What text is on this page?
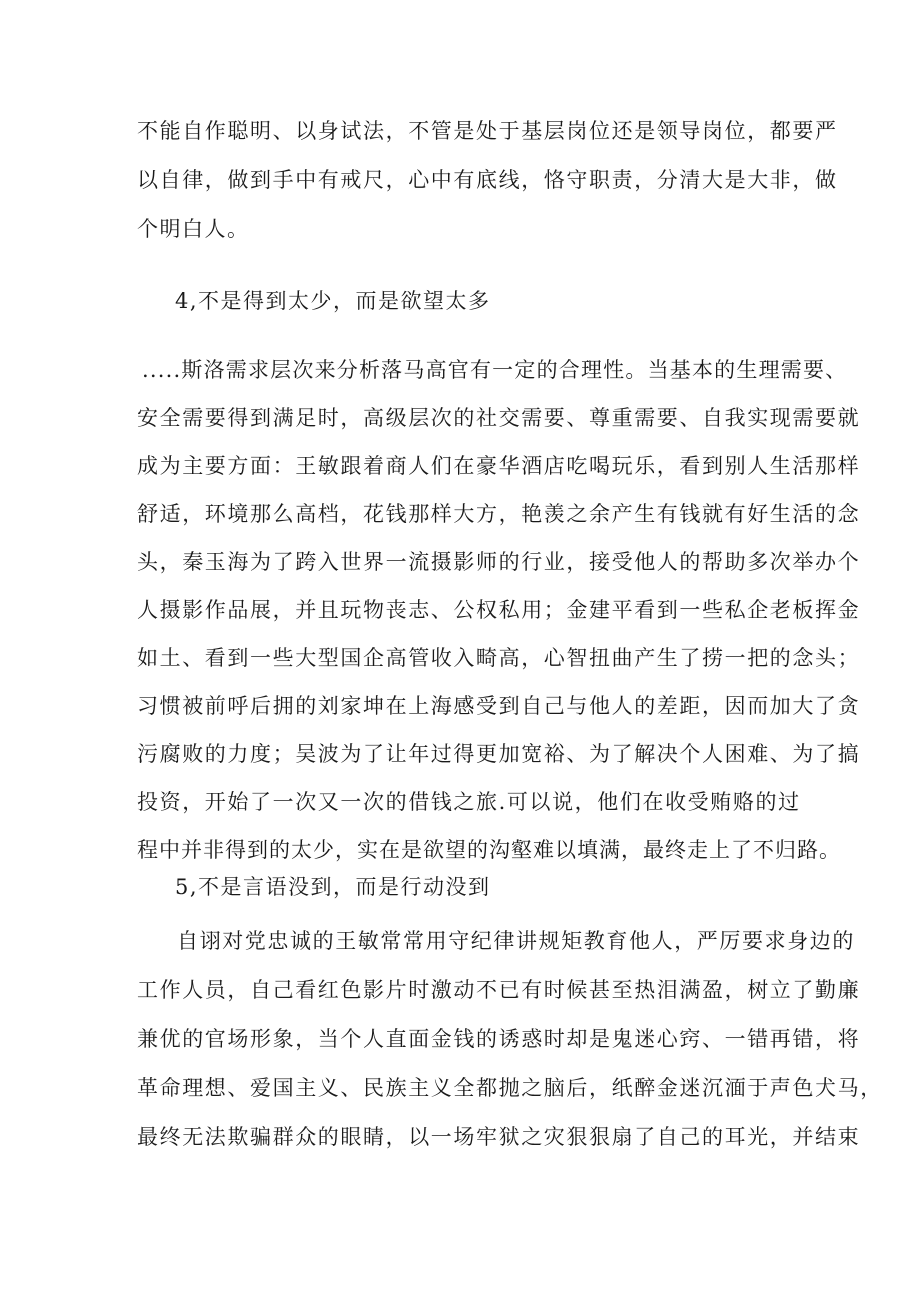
不能自作聪明、以身试法，不管是处于基层岗位还是领导岗位，都要严
以自律，做到手中有戒尺，心中有底线，恪守职责，分清大是大非，做
个明白人。
4,不是得到太少，而是欲望太多
.....斯洛需求层次来分析落马高官有一定的合理性。当基本的生理需要、
安全需要得到满足时，高级层次的社交需要、尊重需要、自我实现需要就
成为主要方面：王敏跟着商人们在豪华酒店吃喝玩乐，看到别人生活那样
舒适，环境那么高档，花钱那样大方，艳羡之余产生有钱就有好生活的念
头，秦玉海为了跨入世界一流摄影师的行业，接受他人的帮助多次举办个
人摄影作品展，并且玩物丧志、公权私用；金建平看到一些私企老板挥金
如土、看到一些大型国企高管收入畸高，心智扭曲产生了捞一把的念头；
习惯被前呼后拥的刘家坤在上海感受到自己与他人的差距，因而加大了贪
污腐败的力度；吴波为了让年过得更加宽裕、为了解决个人困难、为了搞
投资，开始了一次又一次的借钱之旅.可以说，他们在收受贿赂的过
程中并非得到的太少，实在是欲望的沟壑难以填满，最终走上了不归路。
5,不是言语没到，而是行动没到
自诩对党忠诚的王敏常常用守纪律讲规矩教育他人，严厉要求身边的
工作人员，自己看红色影片时激动不已有时候甚至热泪满盈，树立了勤廉
兼优的官场形象，当个人直面金钱的诱惑时却是鬼迷心窍、一错再错，将
革命理想、爱国主义、民族主义全都抛之脑后，纸醉金迷沉湎于声色犬马，
最终无法欺骗群众的眼睛，以一场牢狱之灾狠狠扇了自己的耳光，并结束
